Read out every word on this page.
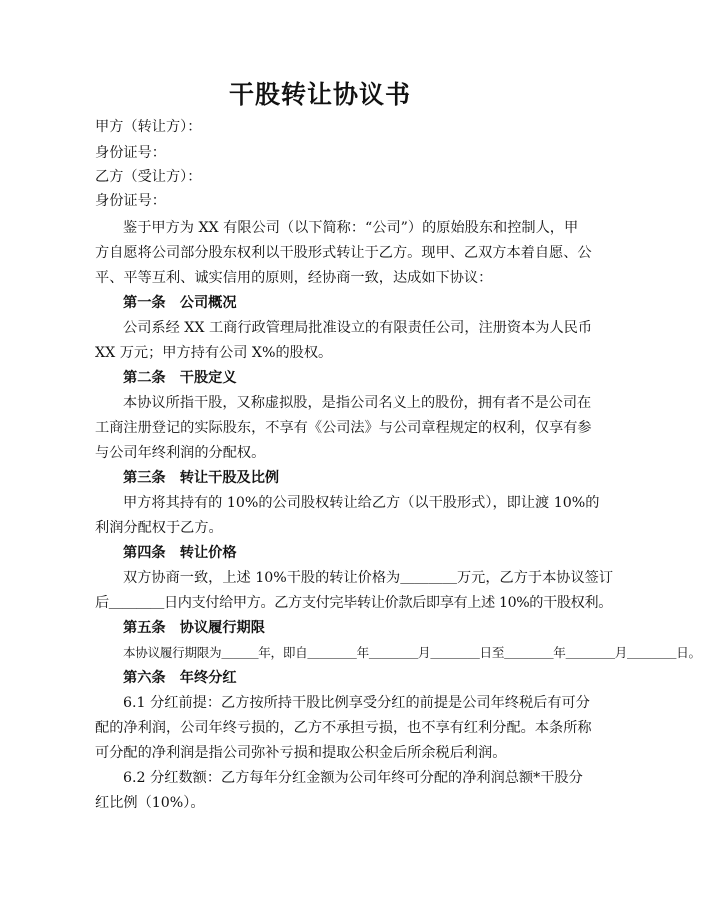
干股转让协议书
甲方（转让方）：
身份证号：
乙方（受让方）：
身份证号：
鉴于甲方为 XX 有限公司（以下简称：“公司”）的原始股东和控制人，甲
方自愿将公司部分股东权利以干股形式转让于乙方。现甲、乙双方本着自愿、公
平、平等互利、诚实信用的原则，经协商一致，达成如下协议：
第一条　公司概况
公司系经 XX 工商行政管理局批准设立的有限责任公司，注册资本为人民币
XX 万元；甲方持有公司 X%的股权。
第二条　干股定义
本协议所指干股，又称虚拟股，是指公司名义上的股份，拥有者不是公司在
工商注册登记的实际股东，不享有《公司法》与公司章程规定的权利，仅享有参
与公司年终利润的分配权。
第三条　转让干股及比例
甲方将其持有的 10%的公司股权转让给乙方（以干股形式），即让渡 10%的
利润分配权于乙方。
第四条　转让价格
双方协商一致，上述 10%干股的转让价格为＿＿＿＿万元，乙方于本协议签订
后＿＿＿＿日内支付给甲方。乙方支付完毕转让价款后即享有上述 10%的干股权利。
第五条　协议履行期限
本协议履行期限为＿＿＿年，即自＿＿＿＿年＿＿＿＿月＿＿＿＿日至＿＿＿＿年＿＿＿＿月＿＿＿＿日。
第六条　年终分红
6.1 分红前提：乙方按所持干股比例享受分红的前提是公司年终税后有可分
配的净利润，公司年终亏损的，乙方不承担亏损，也不享有红利分配。本条所称
可分配的净利润是指公司弥补亏损和提取公积金后所余税后利润。
6.2 分红数额：乙方每年分红金额为公司年终可分配的净利润总额*干股分
红比例（10%）。
